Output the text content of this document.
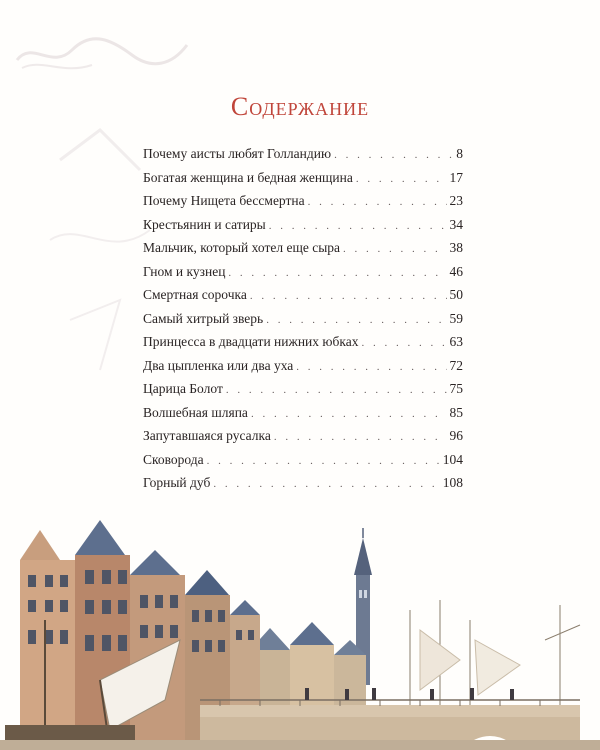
Содержание
Почему аисты любят Голландию . . .	8
Богатая женщина и бедная женщина . . .	17
Почему Нищета бессмертна . . .	23
Крестьянин и сатиры . . .	34
Мальчик, который хотел еще сыра . . .	38
Гном и кузнец . . .	46
Смертная сорочка . . .	50
Самый хитрый зверь . . .	59
Принцесса в двадцати нижних юбках . . .	63
Два цыпленка или два уха . . .	72
Царица Болот . . .	75
Волшебная шляпа . . .	85
Запутавшаяся русалка . . .	96
Сковорода . . .	104
Горный дуб . . .	108
